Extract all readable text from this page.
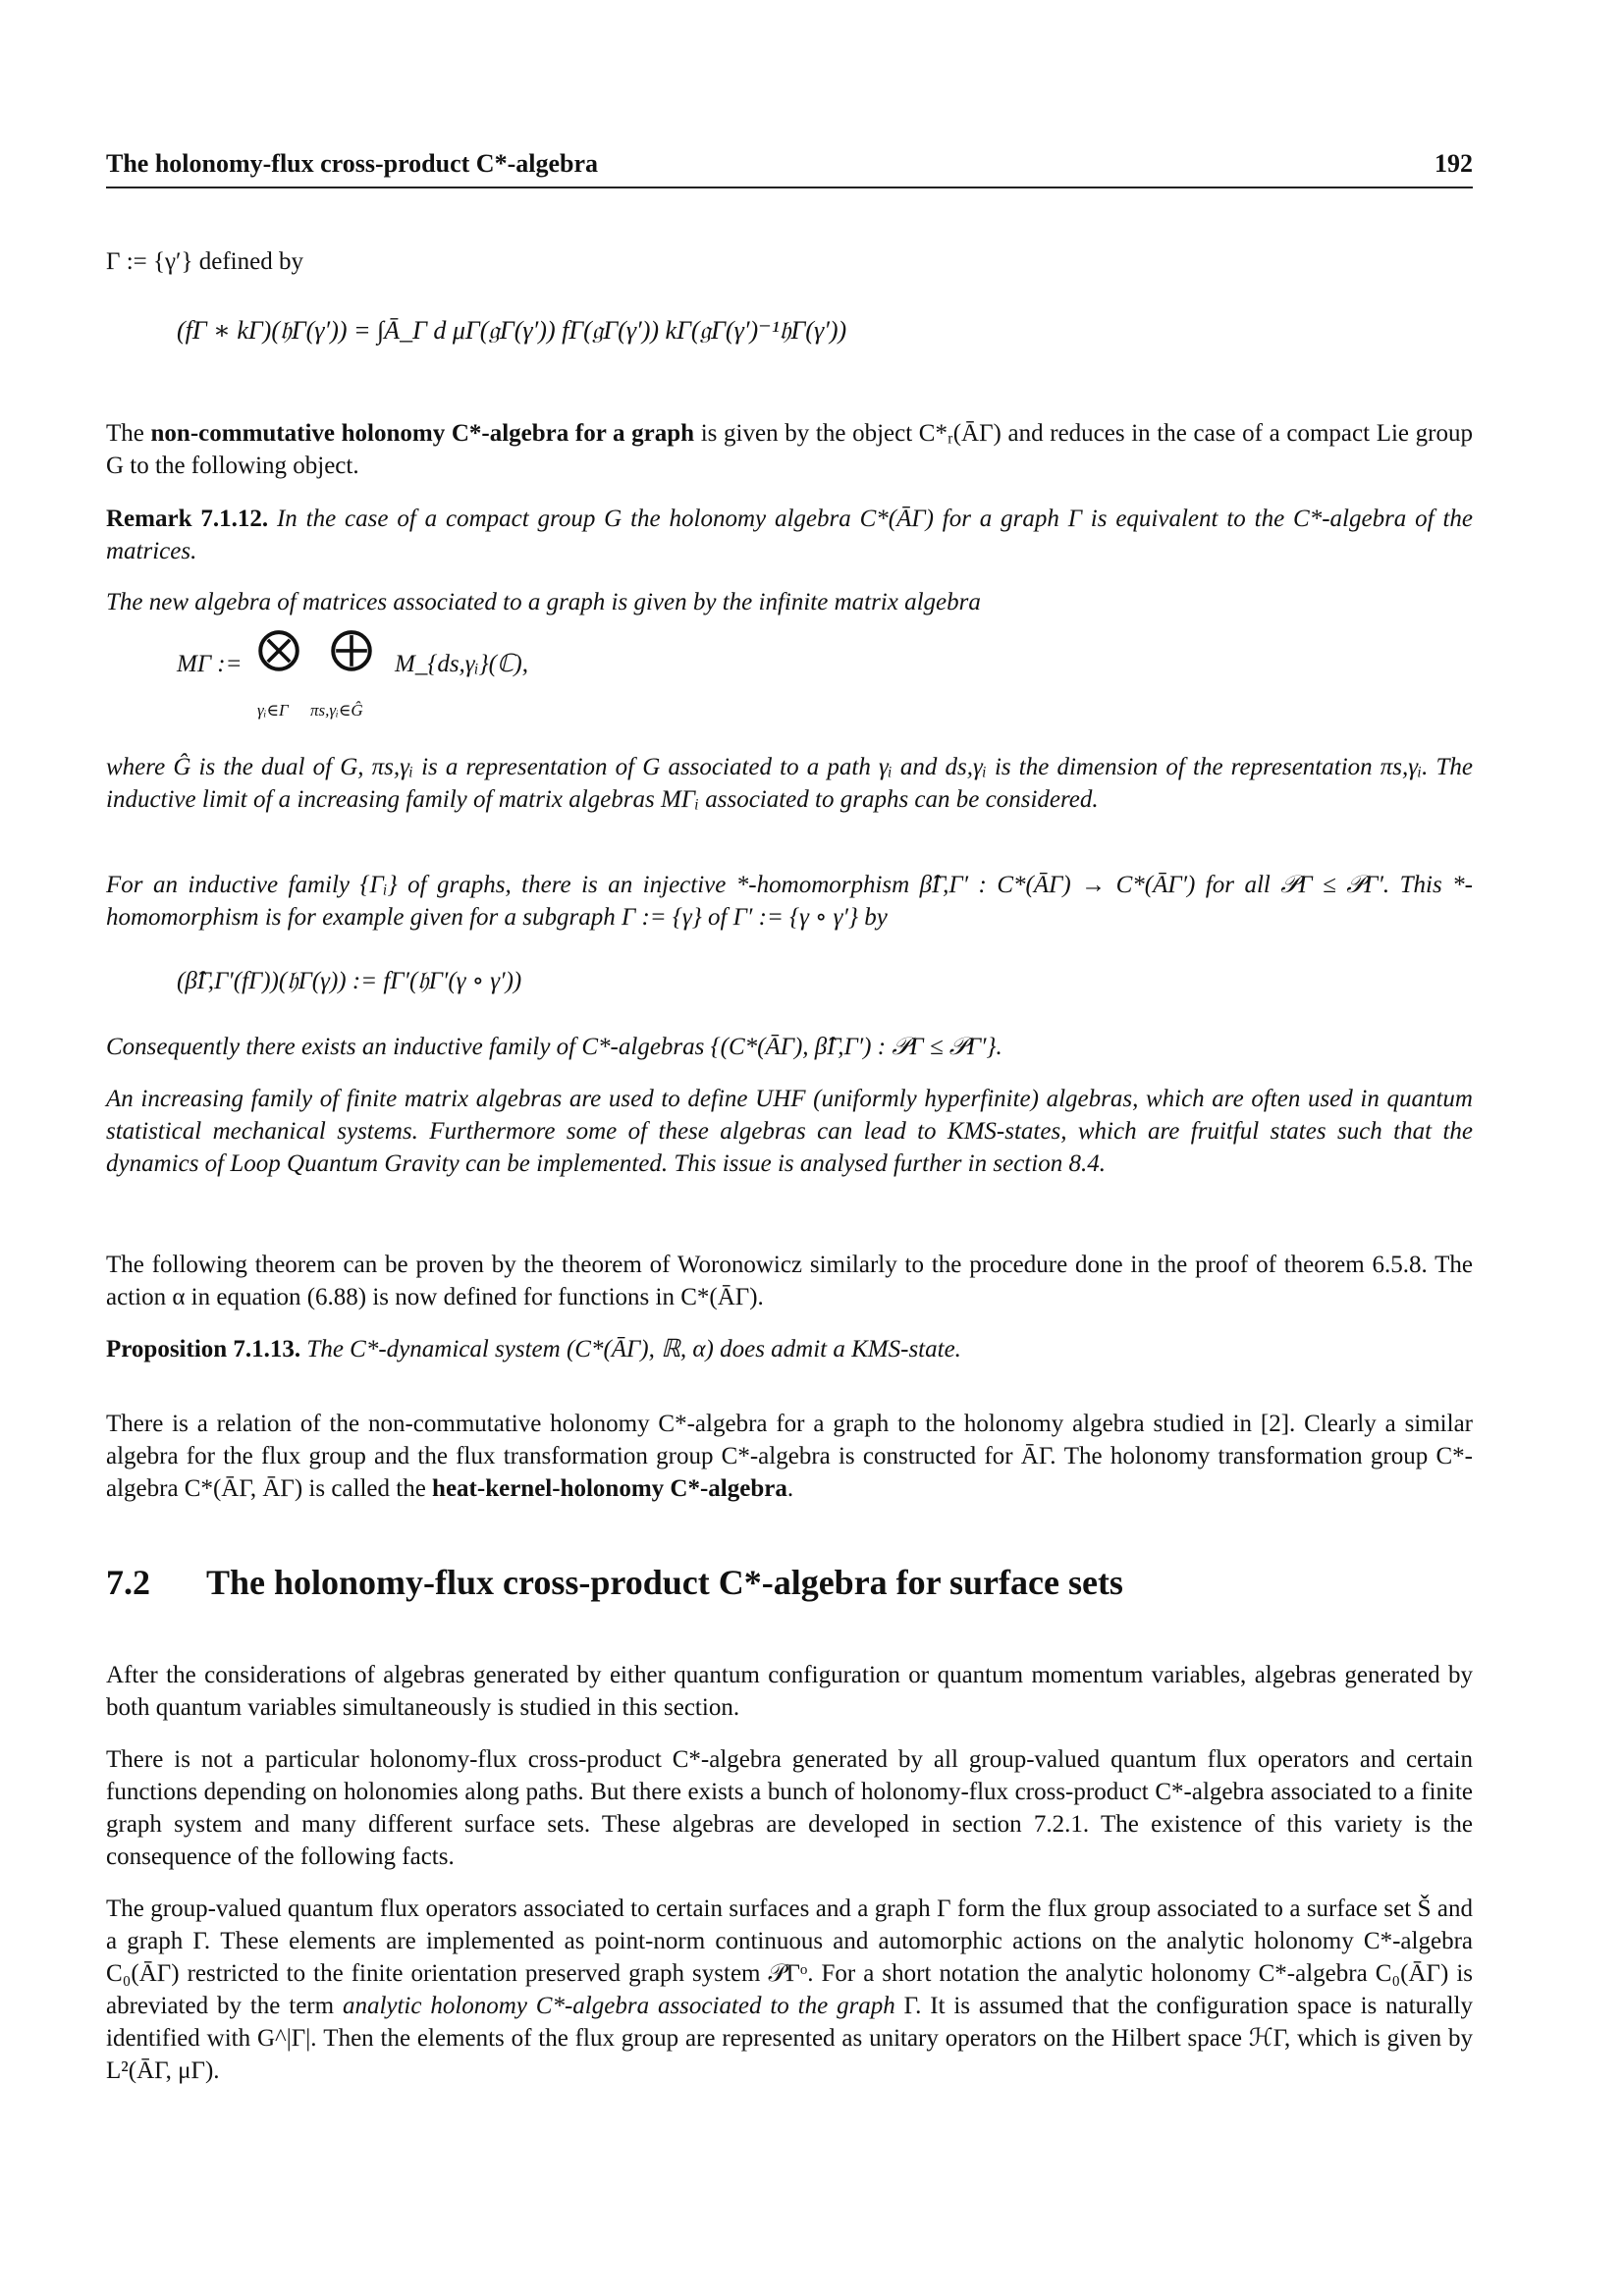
The holonomy-flux cross-product C*-algebra	192
Γ := {γ′} defined by
(fΓ ∗ kΓ)(𝔥Γ(γ′)) = ∫Ā_Γ d μΓ(𝔤Γ(γ′)) fΓ(𝔤Γ(γ′)) kΓ(𝔤Γ(γ′)⁻¹𝔥Γ(γ′))
The non-commutative holonomy C*-algebra for a graph is given by the object C*ᵣ(ĀΓ) and reduces in the case of a compact Lie group G to the following object.
Remark 7.1.12. In the case of a compact group G the holonomy algebra C*(ĀΓ) for a graph Γ is equivalent to the C*-algebra of the matrices.
The new algebra of matrices associated to a graph is given by the infinite matrix algebra
MΓ := ⨂
γᵢ∈Γ
⨁
πs,γᵢ∈Ĝ
M_{ds,γᵢ}(ℂ),
where Ĝ is the dual of G, πs,γᵢ is a representation of G associated to a path γᵢ and ds,γᵢ is the dimension of the representation πs,γᵢ. The inductive limit of a increasing family of matrix algebras MΓᵢ associated to graphs can be considered.
For an inductive family {Γᵢ} of graphs, there is an injective *-homomorphism β̂Γ,Γ′ : C*(ĀΓ) → C*(ĀΓ′) for all 𝒫Γ ≤ 𝒫Γ′. This *-homomorphism is for example given for a subgraph Γ := {γ} of Γ′ := {γ ∘ γ′} by
(β̂Γ,Γ′(fΓ))(𝔥Γ(γ)) := fΓ′(𝔥Γ′(γ ∘ γ′))
Consequently there exists an inductive family of C*-algebras {(C*(ĀΓ), β̂Γ,Γ′) : 𝒫Γ ≤ 𝒫Γ′}.
An increasing family of finite matrix algebras are used to define UHF (uniformly hyperfinite) algebras, which are often used in quantum statistical mechanical systems. Furthermore some of these algebras can lead to KMS-states, which are fruitful states such that the dynamics of Loop Quantum Gravity can be implemented. This issue is analysed further in section 8.4.
The following theorem can be proven by the theorem of Woronowicz similarly to the procedure done in the proof of theorem 6.5.8. The action α in equation (6.88) is now defined for functions in C*(ĀΓ).
Proposition 7.1.13. The C*-dynamical system (C*(ĀΓ), ℝ, α) does admit a KMS-state.
There is a relation of the non-commutative holonomy C*-algebra for a graph to the holonomy algebra studied in [2]. Clearly a similar algebra for the flux group and the flux transformation group C*-algebra is constructed for ĀΓ. The holonomy transformation group C*-algebra C*(ĀΓ, ĀΓ) is called the heat-kernel-holonomy C*-algebra.
7.2 The holonomy-flux cross-product C*-algebra for surface sets
After the considerations of algebras generated by either quantum configuration or quantum momentum variables, algebras generated by both quantum variables simultaneously is studied in this section.
There is not a particular holonomy-flux cross-product C*-algebra generated by all group-valued quantum flux operators and certain functions depending on holonomies along paths. But there exists a bunch of holonomy-flux cross-product C*-algebra associated to a finite graph system and many different surface sets. These algebras are developed in section 7.2.1. The existence of this variety is the consequence of the following facts.
The group-valued quantum flux operators associated to certain surfaces and a graph Γ form the flux group associated to a surface set Š and a graph Γ. These elements are implemented as point-norm continuous and automorphic actions on the analytic holonomy C*-algebra C₀(ĀΓ) restricted to the finite orientation preserved graph system 𝒫Γᵒ. For a short notation the analytic holonomy C*-algebra C₀(ĀΓ) is abreviated by the term analytic holonomy C*-algebra associated to the graph Γ. It is assumed that the configuration space is naturally identified with G^|Γ|. Then the elements of the flux group are represented as unitary operators on the Hilbert space ℋΓ, which is given by L²(ĀΓ, μΓ).
